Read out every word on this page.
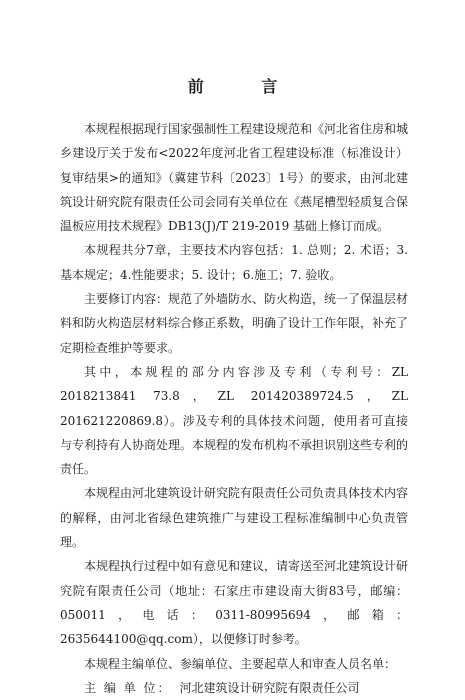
前 言

本规程根据现行国家强制性工程建设规范和《河北省住房和城乡建设厅关于发布<2022年度河北省工程建设标准（标准设计）复审结果>的通知》（冀建节科〔2023〕1号）的要求，由河北建筑设计研究院有限责任公司会同有关单位在《燕尾槽型轻质复合保温板应用技术规程》DB13(J)/T 219-2019 基础上修订而成。

本规程共分7章，主要技术内容包括：1. 总则；2. 术语；3. 基本规定；4.性能要求；5. 设计；6.施工；7. 验收。

主要修订内容：规范了外墙防水、防火构造，统一了保温层材料和防火构造层材料综合修正系数，明确了设计工作年限，补充了定期检查维护等要求。

其中，本规程的部分内容涉及专利（专利号：ZL 2018213841 73.8，ZL 201420389724.5，ZL 201621220869.8）。涉及专利的具体技术问题，使用者可直接与专利持有人协商处理。本规程的发布机构不承担识别这些专利的责任。

本规程由河北建筑设计研究院有限责任公司负责具体技术内容的解释，由河北省绿色建筑推广与建设工程标准编制中心负责管理。

本规程执行过程中如有意见和建议，请寄送至河北建筑设计研究院有限责任公司（地址：石家庄市建设南大街83号，邮编：050011，电话：0311-80995694，邮箱：2635644100@qq.com），以便修订时参考。

本规程主编单位、参编单位、主要起草人和审查人员名单：

主 编 单 位： 河北建筑设计研究院有限责任公司
